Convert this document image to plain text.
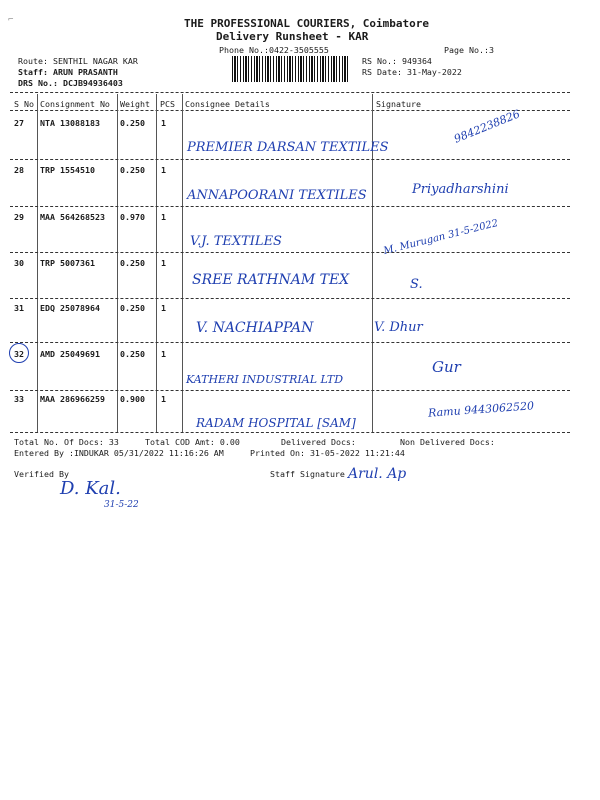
⌐	THE PROFESSIONAL COURIERS, Coimbatore
Delivery Runsheet - KAR
Phone No.:0422-3505555	Page No.:3
Route: SENTHIL NAGAR KAR
Staff: ARUN PRASANTH
DRS No.: DCJB94936403
RS No.: 949364
RS Date: 31-May-2022
S No Consignment No Weight PCS Consignee Details	Signature
27 NTA 13088183 0.250 1
PREMIER DARSAN TEXTILES
9842238826
28 TRP 1554510	0.250 1
ANNAPOORANI TEXTILES	Priyadharshini
29 MAA 564268523 0.970 1
V.J. TEXTILES	M. Murugan 31-5-2022
30 TRP 5007361	0.250 1
SREE RATHNAM TEX	S.
31 EDQ 25078964 0.250 1
V. NACHIAPPAN	V. Dhur
32 AMD 25049691 0.250 1
KATHERI INDUSTRIAL LTD
Gur
33 MAA 286966259 0.900 1
RADAM HOSPITAL [SAM]
Ramu 9443062520
Total No. Of Docs: 33	Total COD Amt: 0.00	Delivered Docs:	Non Delivered Docs:
Entered By :INDUKAR 05/31/2022 11:16:26 AM	Printed On: 31-05-2022 11:21:44
Verified By
D. Kal.
31-5-22
Staff Signature Arul. Ap
